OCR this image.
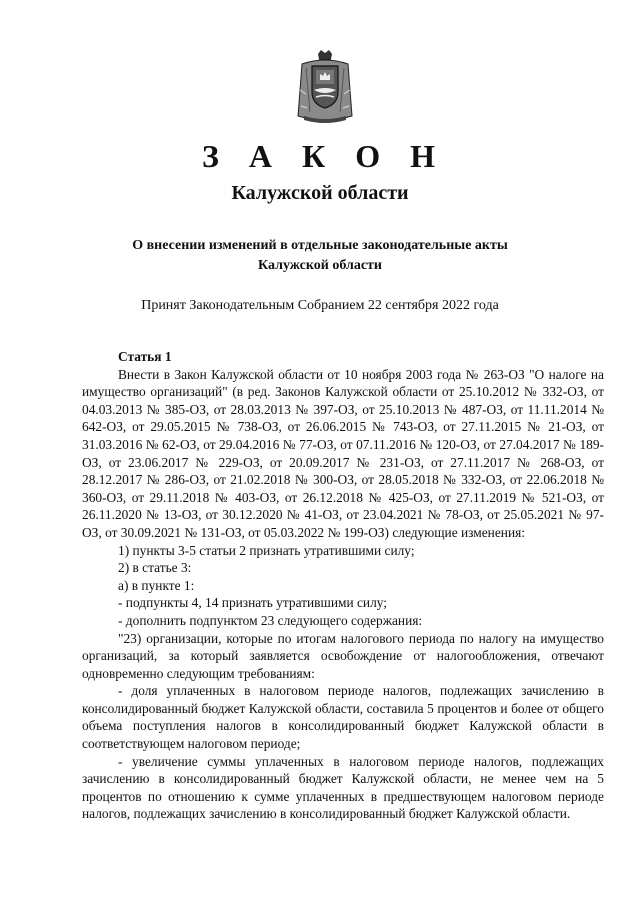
З А К О Н
Калужской области
О внесении изменений в отдельные законодательные акты
Калужской области
Принят Законодательным Собранием 22 сентября 2022 года

Статья 1

Внести в Закон Калужской области от 10 ноября 2003 года № 263-ОЗ "О налоге на имущество организаций" (в ред. Законов Калужской области от 25.10.2012 № 332-ОЗ, от 04.03.2013 № 385-ОЗ, от 28.03.2013 № 397-ОЗ, от 25.10.2013 № 487-ОЗ, от 11.11.2014 № 642-ОЗ, от 29.05.2015 № 738-ОЗ, от 26.06.2015 № 743-ОЗ, от 27.11.2015 № 21-ОЗ, от 31.03.2016 № 62-ОЗ, от 29.04.2016 № 77-ОЗ, от 07.11.2016 № 120-ОЗ, от 27.04.2017 № 189-ОЗ, от 23.06.2017 № 229-ОЗ, от 20.09.2017 № 231-ОЗ, от 27.11.2017 № 268-ОЗ, от 28.12.2017 № 286-ОЗ, от 21.02.2018 № 300-ОЗ, от 28.05.2018 № 332-ОЗ, от 22.06.2018 № 360-ОЗ, от 29.11.2018 № 403-ОЗ, от 26.12.2018 № 425-ОЗ, от 27.11.2019 № 521-ОЗ, от 26.11.2020 № 13-ОЗ, от 30.12.2020 № 41-ОЗ, от 23.04.2021 № 78-ОЗ, от 25.05.2021 № 97-ОЗ, от 30.09.2021 № 131-ОЗ, от 05.03.2022 № 199-ОЗ) следующие изменения:

1) пункты 3-5 статьи 2 признать утратившими силу;

2) в статье 3:

а) в пункте 1:

- подпункты 4, 14 признать утратившими силу;

- дополнить подпунктом 23 следующего содержания:

"23) организации, которые по итогам налогового периода по налогу на имущество организаций, за который заявляется освобождение от налогообложения, отвечают одновременно следующим требованиям:

- доля уплаченных в налоговом периоде налогов, подлежащих зачислению в консолидированный бюджет Калужской области, составила 5 процентов и более от общего объема поступления налогов в консолидированный бюджет Калужской области в соответствующем налоговом периоде;

- увеличение суммы уплаченных в налоговом периоде налогов, подлежащих зачислению в консолидированный бюджет Калужской области, не менее чем на 5 процентов по отношению к сумме уплаченных в предшествующем налоговом периоде налогов, подлежащих зачислению в консолидированный бюджет Калужской области.
